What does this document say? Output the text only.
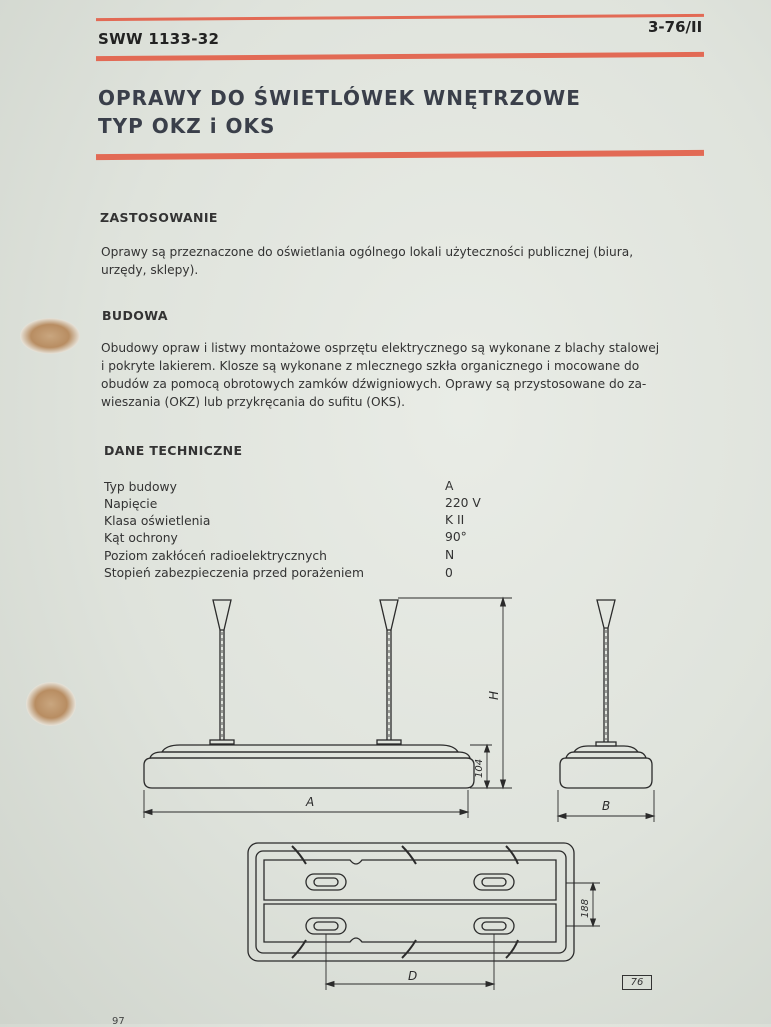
SWW 1133-32
3-76/II
OPRAWY DO ŚWIETLÓWEK WNĘTRZOWE
TYP OKZ i OKS
ZASTOSOWANIE
Oprawy są przeznaczone do oświetlania ogólnego lokali użyteczności publicznej (biura,
urzędy, sklepy).
BUDOWA
Obudowy opraw i listwy montażowe osprzętu elektrycznego są wykonane z blachy stalowej
i pokryte lakierem. Klosze są wykonane z mlecznego szkła organicznego i mocowane do
obudów za pomocą obrotowych zamków dźwigniowych. Oprawy są przystosowane do za-
wieszania (OKZ) lub przykręcania do sufitu (OKS).
DANE TECHNICZNE
Typ budowy	A
Napięcie	220 V
Klasa oświetlenia	K II
Kąt ochrony	90°
Poziom zakłóceń radioelektrycznych	N
Stopień zabezpieczenia przed porażeniem	0
A	B
D
H
104
188
76
97
